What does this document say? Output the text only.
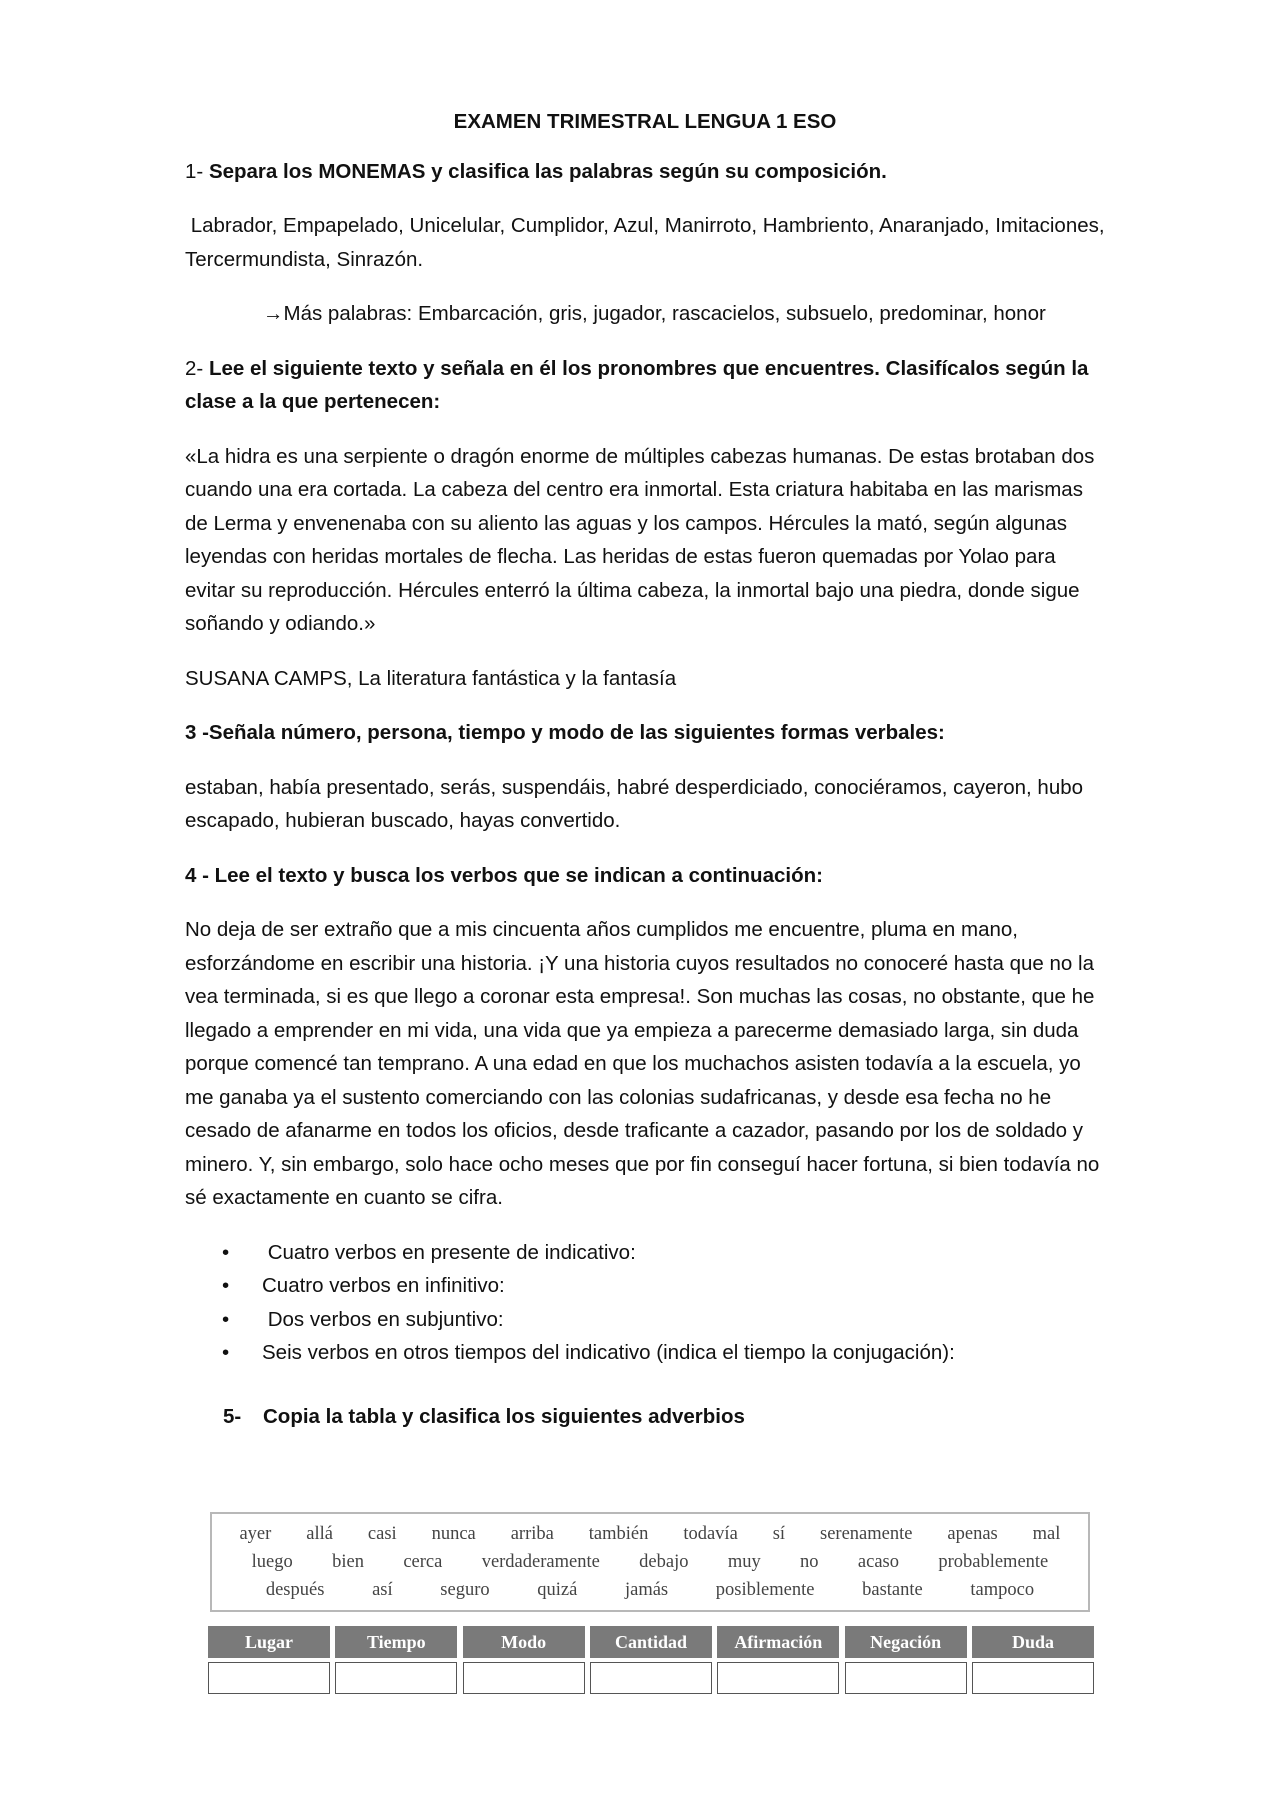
EXAMEN TRIMESTRAL LENGUA 1 ESO

1- Separa los MONEMAS y clasifica las palabras según su composición.

Labrador, Empapelado, Unicelular, Cumplidor, Azul, Manirroto, Hambriento, Anaranjado, Imitaciones, Tercermundista, Sinrazón.

→Más palabras: Embarcación, gris, jugador, rascacielos, subsuelo, predominar, honor

2- Lee el siguiente texto y señala en él los pronombres que encuentres. Clasifícalos según la clase a la que pertenecen:

«La hidra es una serpiente o dragón enorme de múltiples cabezas humanas. De estas brotaban dos cuando una era cortada. La cabeza del centro era inmortal. Esta criatura habitaba en las marismas de Lerma y envenenaba con su aliento las aguas y los campos. Hércules la mató, según algunas leyendas con heridas mortales de flecha. Las heridas de estas fueron quemadas por Yolao para evitar su reproducción. Hércules enterró la última cabeza, la inmortal bajo una piedra, donde sigue soñando y odiando.»

SUSANA CAMPS, La literatura fantástica y la fantasía

3 -Señala número, persona, tiempo y modo de las siguientes formas verbales:

estaban, había presentado, serás, suspendáis, habré desperdiciado, conociéramos, cayeron, hubo escapado, hubieran buscado, hayas convertido.

4 - Lee el texto y busca los verbos que se indican a continuación:

No deja de ser extraño que a mis cincuenta años cumplidos me encuentre, pluma en mano, esforzándome en escribir una historia. ¡Y una historia cuyos resultados no conoceré hasta que no la vea terminada, si es que llego a coronar esta empresa!. Son muchas las cosas, no obstante, que he llegado a emprender en mi vida, una vida que ya empieza a parecerme demasiado larga, sin duda porque comencé tan temprano. A una edad en que los muchachos asisten todavía a la escuela, yo me ganaba ya el sustento comerciando con las colonias sudafricanas, y desde esa fecha no he cesado de afanarme en todos los oficios, desde traficante a cazador, pasando por los de soldado y minero. Y, sin embargo, solo hace ocho meses que por fin conseguí hacer fortuna, si bien todavía no sé exactamente en cuanto se cifra.

• Cuatro verbos en presente de indicativo:
• Cuatro verbos en infinitivo:
• Dos verbos en subjuntivo:
• Seis verbos en otros tiempos del indicativo (indica el tiempo la conjugación):

5- Copia la tabla y clasifica los siguientes adverbios

ayer allá casi nunca arriba también todavía sí serenamente apenas mal
luego bien cerca verdaderamente debajo muy no acaso probablemente
después	así	seguro	quizá	jamás	posiblemente	bastante	tampoco
Lugar	Tiempo	Modo	Cantidad	Afirmación	Negación	Duda
